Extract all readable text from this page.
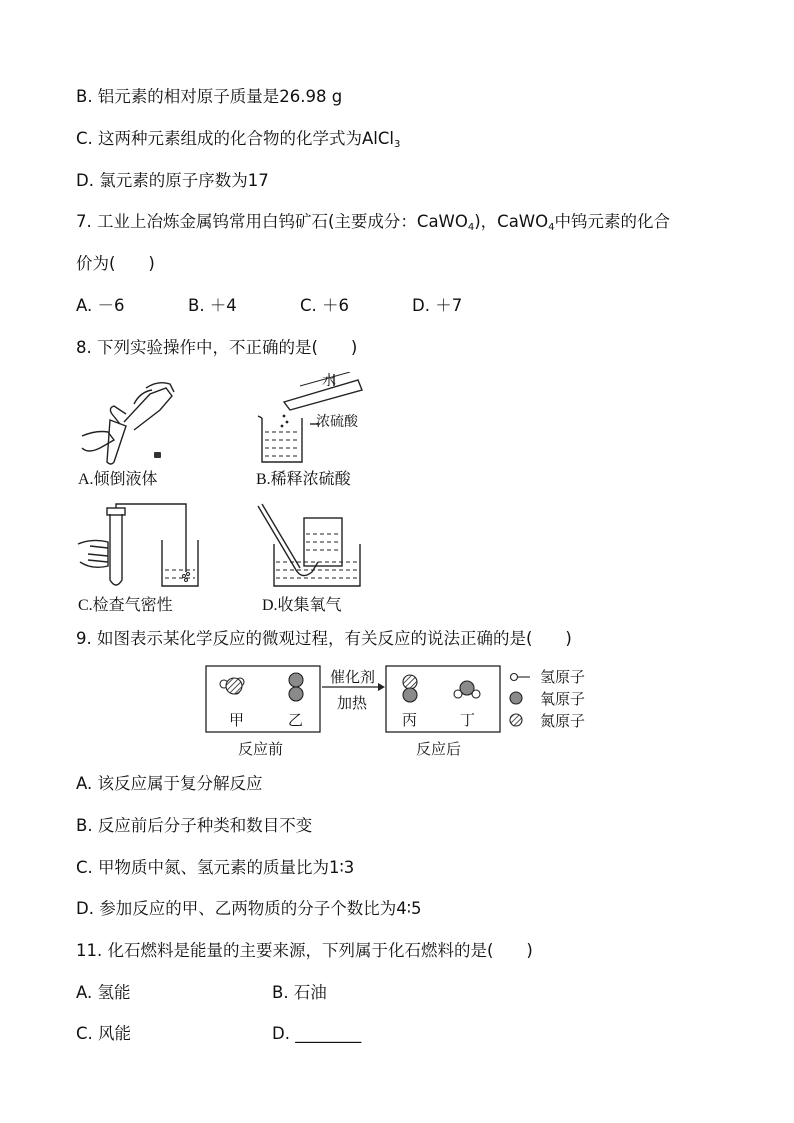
B. 铝元素的相对原子质量是26.98 g
C. 这两种元素组成的化合物的化学式为AlCl$_3$
D. 氯元素的原子序数为17
7. 工业上冶炼金属钨常用白钨矿石(主要成分：CaWO$_4$)，CaWO$_4$中钨元素的化合
价为(　　)
A. －6	B. ＋4	C. ＋6	D. ＋7
8. 下列实验操作中，不正确的是(　　)
A.倾倒液体
水
浓硫酸
B.稀释浓硫酸
C.检查气密性	D.收集氧气
9. 如图表示某化学反应的微观过程，有关反应的说法正确的是(　　)
甲	乙	丙	丁
催化剂
加热
反应前	反应后
氢原子
氧原子
氮原子
A. 该反应属于复分解反应
B. 反应前后分子种类和数目不变
C. 甲物质中氮、氢元素的质量比为1∶3
D. 参加反应的甲、乙两物质的分子个数比为4∶5
11. 化石燃料是能量的主要来源，下列属于化石燃料的是(　　)
A. 氢能	B. 石油
C. 风能	D. ________
